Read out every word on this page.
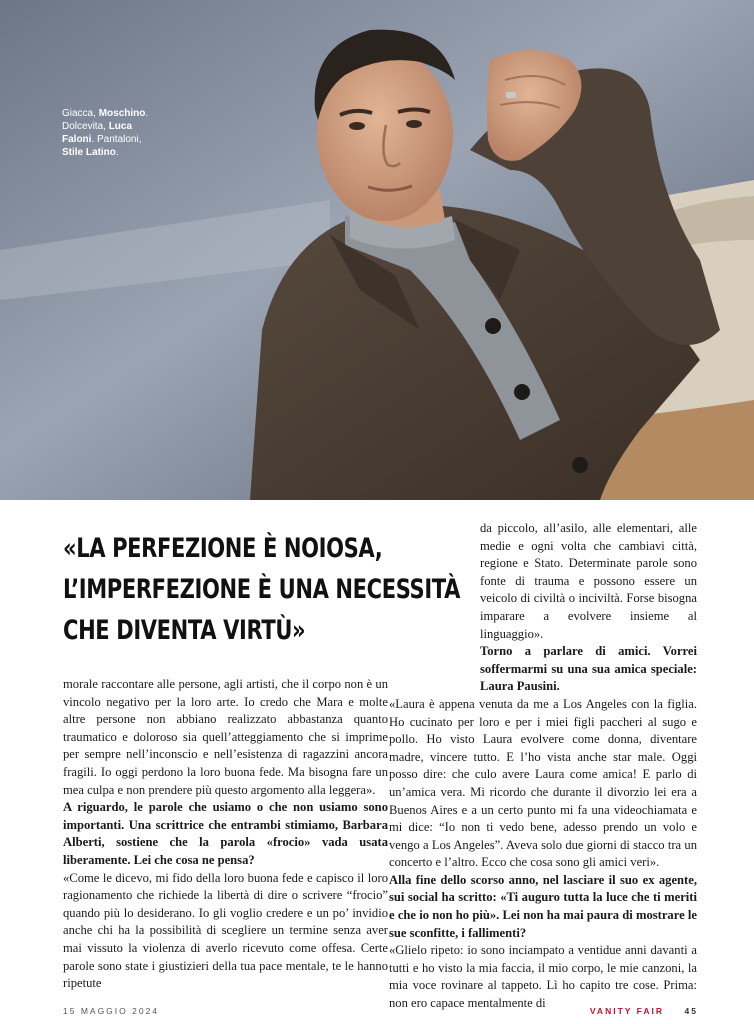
Giacca, Moschino.
Dolcevita, Luca
Faloni. Pantaloni,
Stile Latino.
«LA PERFEZIONE È NOIOSA,
L’IMPERFEZIONE È UNA NECESSITÀ
CHE DIVENTA VIRTÙ»

morale raccontare alle persone, agli artisti, che il corpo non è un vincolo negativo per la loro arte. Io credo che Mara e molte altre persone non abbiano realizzato abbastanza quanto traumatico e doloroso sia quell’atteggiamento che si imprime per sempre nell’inconscio e nell’esistenza di ragazzini ancora fragili. Io oggi perdono la loro buona fede. Ma bisogna fare un mea culpa e non prendere più questo argomento alla leggera».

A riguardo, le parole che usiamo o che non usiamo sono importanti. Una scrittrice che entrambi stimiamo, Barbara Alberti, sostiene che la parola «frocio» vada usata liberamente. Lei che cosa ne pensa?

«Come le dicevo, mi fido della loro buona fede e capisco il loro ragionamento che richiede la libertà di dire o scrivere “frocio” quando più lo desiderano. Io gli voglio credere e un po’ invidio anche chi ha la possibilità di scegliere un termine senza aver mai vissuto la violenza di averlo ricevuto come offesa. Certe parole sono state i giustizieri della tua pace mentale, te le hanno ripetute

da piccolo, all’asilo, alle elementari, alle medie e ogni volta che cambiavi città, regione e Stato. Determinate parole sono fonte di trauma e possono essere un veicolo di civiltà o inciviltà. Forse bisogna imparare a evolvere insieme al linguaggio».

Torno a parlare di amici. Vorrei soffermarmi su una sua amica speciale: Laura Pausini.

«Laura è appena venuta da me a Los Angeles con la figlia. Ho cucinato per loro e per i miei figli paccheri al sugo e pollo. Ho visto Laura evolvere come donna, diventare madre, vincere tutto. E l’ho vista anche star male. Oggi posso dire: che culo avere Laura come amica! E parlo di un’amica vera. Mi ricordo che durante il divorzio lei era a Buenos Aires e a un certo punto mi fa una videochiamata e mi dice: “Io non ti vedo bene, adesso prendo un volo e vengo a Los Angeles”. Aveva solo due giorni di stacco tra un concerto e l’altro. Ecco che cosa sono gli amici veri».

Alla fine dello scorso anno, nel lasciare il suo ex agente, sui social ha scritto: «Ti auguro tutta la luce che ti meriti e che io non ho più». Lei non ha mai paura di mostrare le sue sconfitte, i fallimenti?

«Glielo ripeto: io sono inciampato a ventidue anni davanti a tutti e ho visto la mia faccia, il mio corpo, le mie canzoni, la mia voce rovinare al tappeto. Lì ho capito tre cose. Prima: non ero capace mentalmente di

15 MAGGIO 2024	VANITY FAIR 45
